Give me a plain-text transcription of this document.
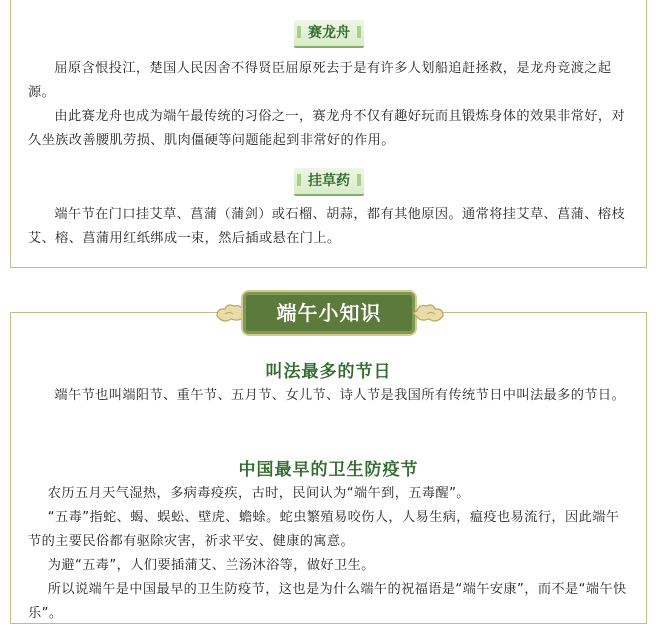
赛龙舟

屈原含恨投江，楚国人民因舍不得贤臣屈原死去于是有许多人划船追赶拯救，是龙舟竞渡之起源。

由此赛龙舟也成为端午最传统的习俗之一，赛龙舟不仅有趣好玩而且锻炼身体的效果非常好，对久坐族改善腰肌劳损、肌肉僵硬等问题能起到非常好的作用。

挂草药

端午节在门口挂艾草、菖蒲（蒲剑）或石榴、胡蒜，都有其他原因。通常将挂艾草、菖蒲、榕枝艾、榕、菖蒲用红纸绑成一束，然后插或悬在门上。

端午小知识
叫法最多的节日

端午节也叫端阳节、重午节、五月节、女儿节、诗人节是我国所有传统节日中叫法最多的节日。

中国最早的卫生防疫节

农历五月天气湿热，多病毒疫疾，古时，民间认为“端午到，五毒醒”。

“五毒”指蛇、蝎、蜈蚣、壁虎、蟾蜍。蛇虫繁殖易咬伤人，人易生病，瘟疫也易流行，因此端午节的主要民俗都有驱除灾害，祈求平安、健康的寓意。

为避“五毒”，人们要插蒲艾、兰汤沐浴等，做好卫生。

所以说端午是中国最早的卫生防疫节，这也是为什么端午的祝福语是“端午安康”，而不是“端午快乐”。
